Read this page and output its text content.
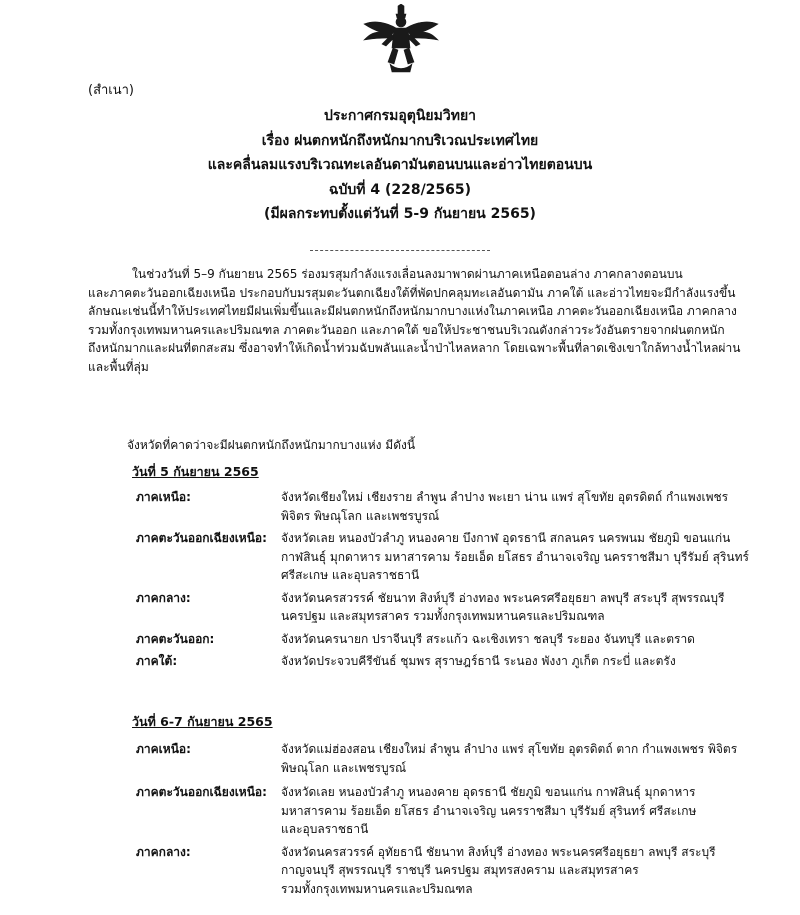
(สำเนา)
ประกาศกรมอุตุนิยมวิทยา
เรื่อง ฝนตกหนักถึงหนักมากบริเวณประเทศไทย
และคลื่นลมแรงบริเวณทะเลอันดามันตอนบนและอ่าวไทยตอนบน
ฉบับที่ 4 (228/2565)
(มีผลกระทบตั้งแต่วันที่ 5-9 กันยายน 2565)
ในช่วงวันที่ 5–9 กันยายน 2565 ร่องมรสุมกำลังแรงเลื่อนลงมาพาดผ่านภาคเหนือตอนล่าง ภาคกลางตอนบน
และภาคตะวันออกเฉียงเหนือ ประกอบกับมรสุมตะวันตกเฉียงใต้ที่พัดปกคลุมทะเลอันดามัน ภาคใต้ และอ่าวไทยจะมีกำลังแรงขึ้น
ลักษณะเช่นนี้ทำให้ประเทศไทยมีฝนเพิ่มขึ้นและมีฝนตกหนักถึงหนักมากบางแห่งในภาคเหนือ ภาคตะวันออกเฉียงเหนือ ภาคกลาง
รวมทั้งกรุงเทพมหานครและปริมณฑล ภาคตะวันออก และภาคใต้ ขอให้ประชาชนบริเวณดังกล่าวระวังอันตรายจากฝนตกหนัก
ถึงหนักมากและฝนที่ตกสะสม ซึ่งอาจทำให้เกิดน้ำท่วมฉับพลันและน้ำป่าไหลหลาก โดยเฉพาะพื้นที่ลาดเชิงเขาใกล้ทางน้ำไหลผ่าน
และพื้นที่ลุ่ม
จังหวัดที่คาดว่าจะมีฝนตกหนักถึงหนักมากบางแห่ง มีดังนี้
วันที่ 5 กันยายน 2565
ภาคเหนือ:	จังหวัดเชียงใหม่ เชียงราย ลำพูน ลำปาง พะเยา น่าน แพร่ สุโขทัย อุตรดิตถ์ กำแพงเพชร
พิจิตร พิษณุโลก และเพชรบูรณ์
ภาคตะวันออกเฉียงเหนือ: จังหวัดเลย หนองบัวลำภู หนองคาย บึงกาฬ อุดรธานี สกลนคร นครพนม ชัยภูมิ ขอนแก่น
กาฬสินธุ์ มุกดาหาร มหาสารคาม ร้อยเอ็ด ยโสธร อำนาจเจริญ นครราชสีมา บุรีรัมย์ สุรินทร์
ศรีสะเกษ และอุบลราชธานี
ภาคกลาง:	จังหวัดนครสวรรค์ ชัยนาท สิงห์บุรี อ่างทอง พระนครศรีอยุธยา ลพบุรี สระบุรี สุพรรณบุรี
นครปฐม และสมุทรสาคร รวมทั้งกรุงเทพมหานครและปริมณฑล
ภาคตะวันออก:	จังหวัดนครนายก ปราจีนบุรี สระแก้ว ฉะเชิงเทรา ชลบุรี ระยอง จันทบุรี และตราด
ภาคใต้:	จังหวัดประจวบคีรีขันธ์ ชุมพร สุราษฎร์ธานี ระนอง พังงา ภูเก็ต กระบี่ และตรัง
วันที่ 6-7 กันยายน 2565
ภาคเหนือ:	จังหวัดแม่ฮ่องสอน เชียงใหม่ ลำพูน ลำปาง แพร่ สุโขทัย อุตรดิตถ์ ตาก กำแพงเพชร พิจิตร
พิษณุโลก และเพชรบูรณ์
ภาคตะวันออกเฉียงเหนือ: จังหวัดเลย หนองบัวลำภู หนองคาย อุดรธานี ชัยภูมิ ขอนแก่น กาฬสินธุ์ มุกดาหาร
มหาสารคาม ร้อยเอ็ด ยโสธร อำนาจเจริญ นครราชสีมา บุรีรัมย์ สุรินทร์ ศรีสะเกษ
และอุบลราชธานี
ภาคกลาง:	จังหวัดนครสวรรค์ อุทัยธานี ชัยนาท สิงห์บุรี อ่างทอง พระนครศรีอยุธยา ลพบุรี สระบุรี
กาญจนบุรี สุพรรณบุรี ราชบุรี นครปฐม สมุทรสงคราม และสมุทรสาคร
รวมทั้งกรุงเทพมหานครและปริมณฑล
